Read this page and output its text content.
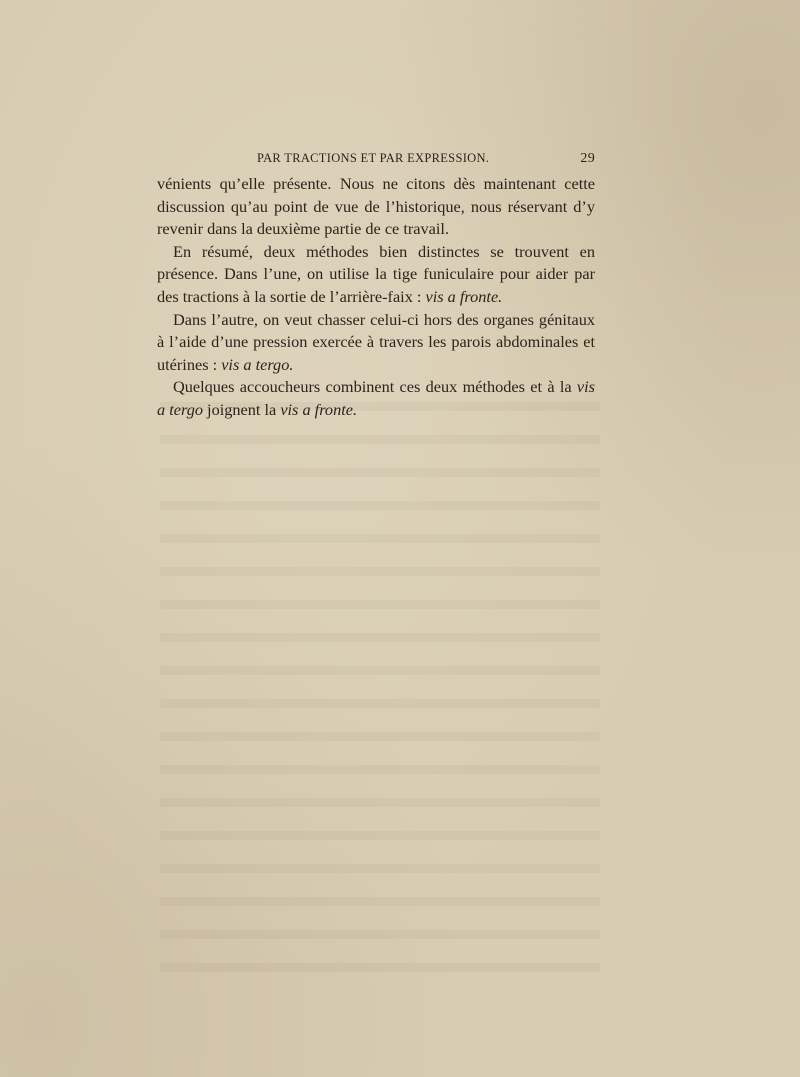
PAR TRACTIONS ET PAR EXPRESSION.	29

vénients qu’elle présente. Nous ne citons dès maintenant cette discussion qu’au point de vue de l’historique, nous réservant d’y revenir dans la deuxième partie de ce travail.

En résumé, deux méthodes bien distinctes se trouvent en présence. Dans l’une, on utilise la tige funiculaire pour aider par des tractions à la sortie de l’arrière-faix : vis a fronte.

Dans l’autre, on veut chasser celui-ci hors des organes génitaux à l’aide d’une pression exercée à travers les parois abdominales et utérines : vis a tergo.

Quelques accoucheurs combinent ces deux méthodes et à la vis a tergo joignent la vis a fronte.
